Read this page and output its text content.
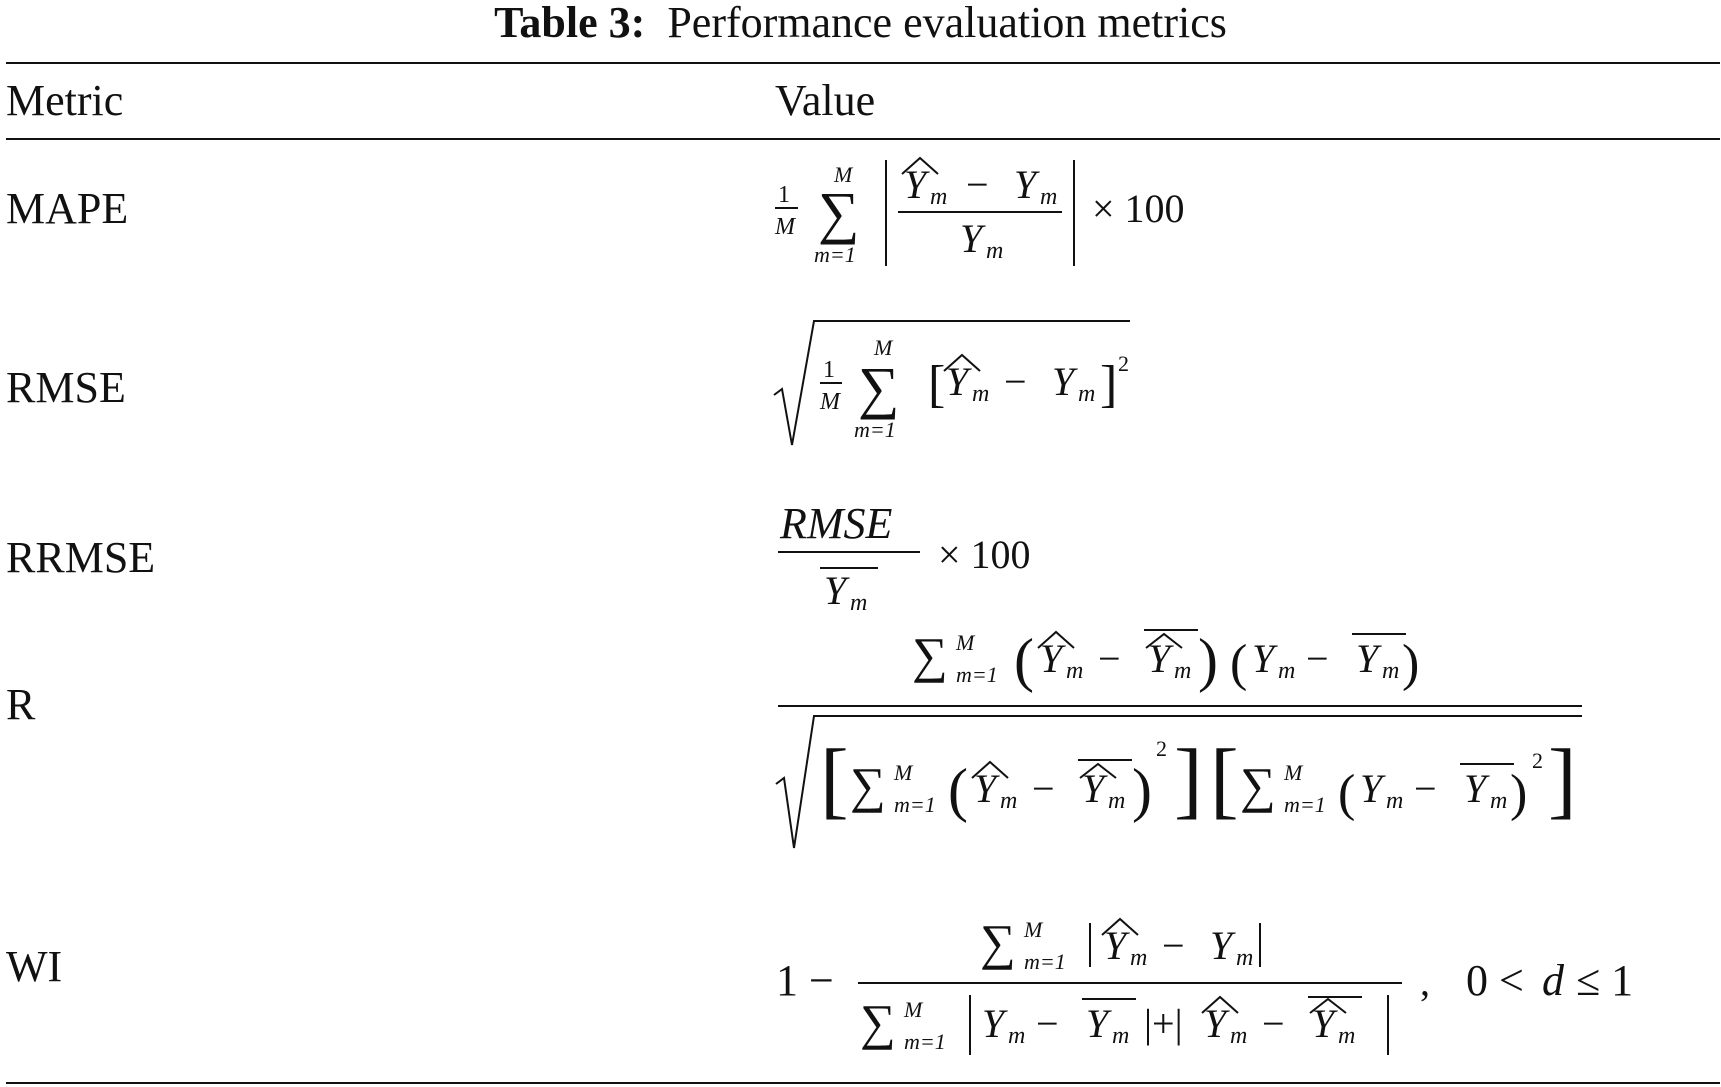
Table 3: Performance evaluation metrics
Metric	Value
MAPE
RMSE
RRMSE
R
WI
1
M
M
∑
m=1
Y m − Y m
Y m
× 100
1
M
M
∑
m=1
[ Y m − Y m ] 2
RMSE
Y m
× 100
∑ M
m=1 ( Y m − Y m ) ( Y m − Y m )
[ ∑ M
m=1 ( Y m − Y m )
2 ] [ ∑ M
m=1 ( Y m − Y m )
2 ]
1 −
∑ M
m=1 Y m − Y m
∑ M
m=1 Y m − Y m |+| Y m − Y m
, 0 < d ≤ 1
